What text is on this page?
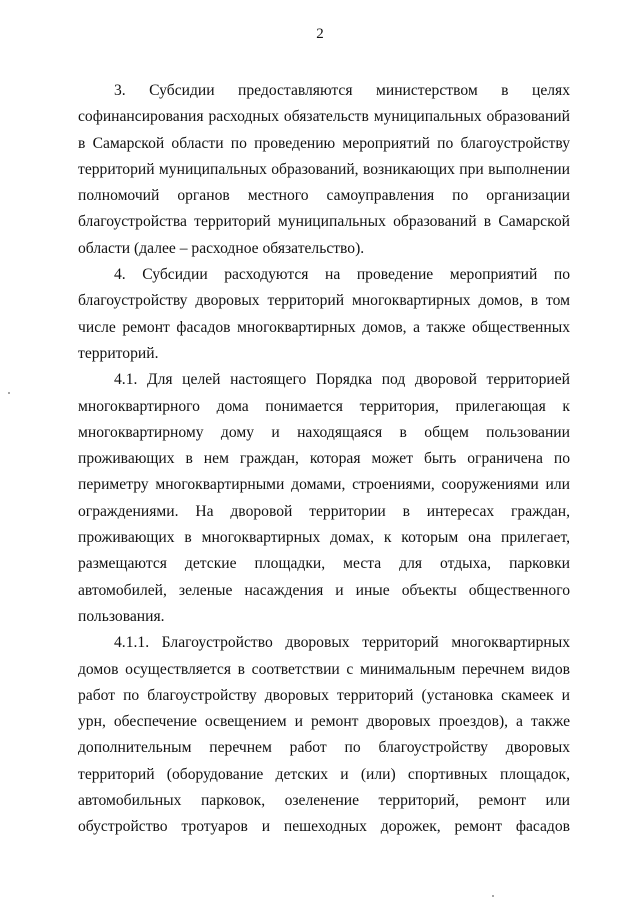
2

3. Субсидии предоставляются министерством в целях софинансирования расходных обязательств муниципальных образований в Самарской области по проведению мероприятий по благоустройству территорий муниципальных образований, возникающих при выполнении полномочий органов местного самоуправления по организации благоустройства территорий муниципальных образований в Самарской области (далее – расходное обязательство).

4. Субсидии расходуются на проведение мероприятий по благоустройству дворовых территорий многоквартирных домов, в том числе ремонт фасадов многоквартирных домов, а также общественных территорий.

4.1. Для целей настоящего Порядка под дворовой территорией многоквартирного дома понимается территория, прилегающая к многоквартирному дому и находящаяся в общем пользовании проживающих в нем граждан, которая может быть ограничена по периметру многоквартирными домами, строениями, сооружениями или ограждениями. На дворовой территории в интересах граждан, проживающих в многоквартирных домах, к которым она прилегает, размещаются детские площадки, места для отдыха, парковки автомобилей, зеленые насаждения и иные объекты общественного пользования.

4.1.1. Благоустройство дворовых территорий многоквартирных домов осуществляется в соответствии с минимальным перечнем видов работ по благоустройству дворовых территорий (установка скамеек и урн, обеспечение освещением и ремонт дворовых проездов), а также дополнительным перечнем работ по благоустройству дворовых территорий (оборудование детских и (или) спортивных площадок, автомобильных парковок, озеленение территорий, ремонт или обустройство тротуаров и пешеходных дорожек, ремонт фасадов
